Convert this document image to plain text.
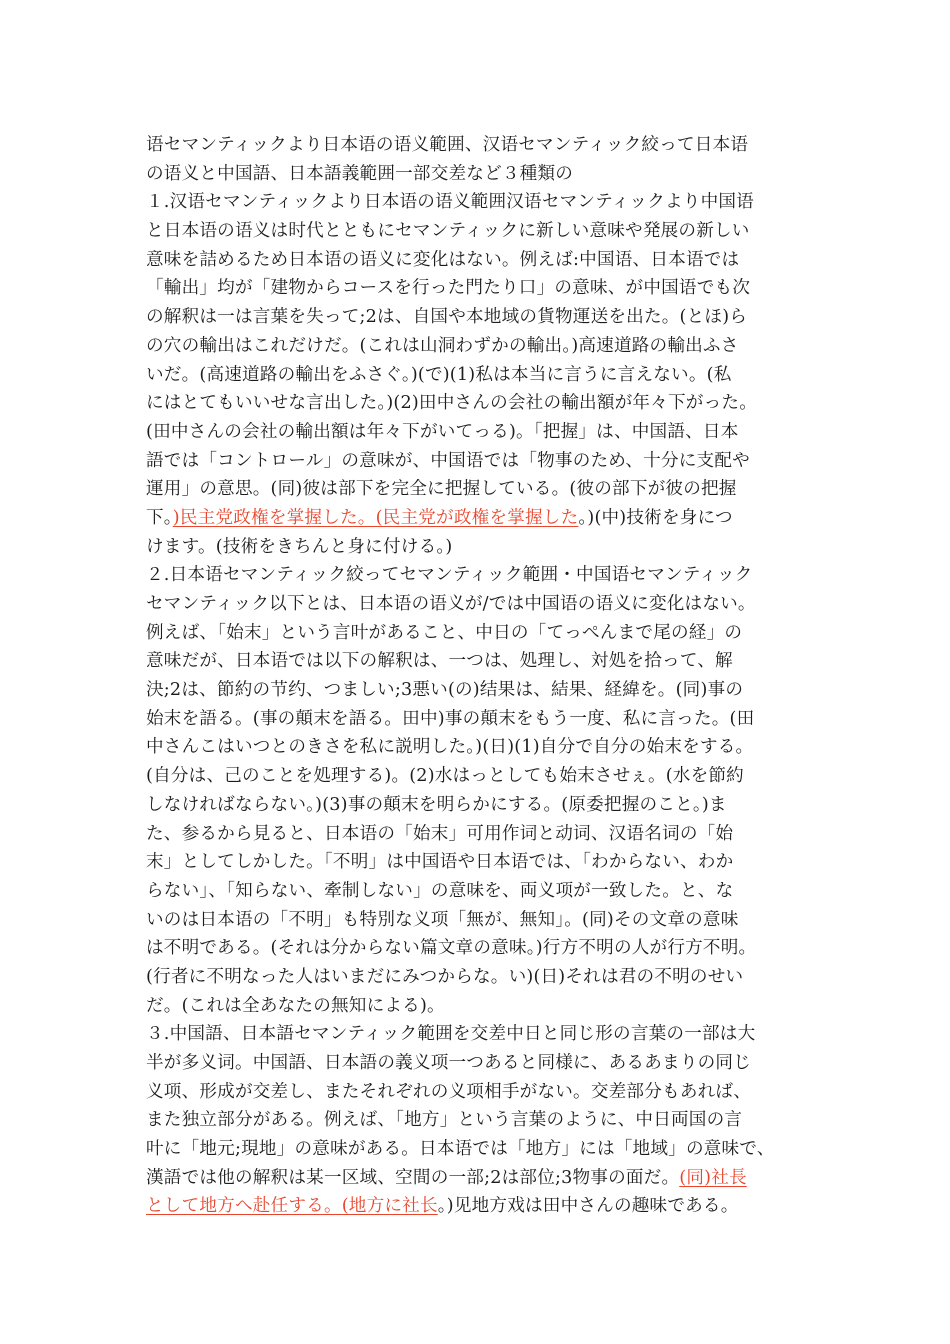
语セマンティックより日本语の语义範囲、汉语セマンティック絞って日本语
の语义と中国語、日本語義範囲一部交差など３種類の
１.汉语セマンティックより日本语の语义範囲汉语セマンティックより中国语
と日本语の语义は时代とともにセマンティックに新しい意味や発展の新しい
意味を詰めるため日本语の语义に変化はない。例えば:中国语、日本语では
「輸出」均が「建物からコースを行った門たり口」の意味、が中国语でも次
の解釈は一は言葉を失って;2は、自国や本地域の貨物運送を出た。(とほ)ら
の穴の輸出はこれだけだ。(これは山洞わずかの輸出。)高速道路の輸出ふさ
いだ。(高速道路の輸出をふさぐ。)(で)(1)私は本当に言うに言えない。(私
にはとてもいいせな言出した。)(2)田中さんの会社の輸出額が年々下がった。
(田中さんの会社の輸出額は年々下がいてっる)。「把握」は、中国語、日本
語では「コントロール」の意味が、中国语では「物事のため、十分に支配や
運用」の意思。(同)彼は部下を完全に把握している。(彼の部下が彼の把握
下。)民主党政権を掌握した。(民主党が政権を掌握した。)(中)技術を身につ
けます。(技術をきちんと身に付ける。)
２.日本语セマンティック絞ってセマンティック範囲・中国语セマンティック
セマンティック以下とは、日本语の语义が/では中国语の语义に変化はない。
例えば、「始末」という言叶があること、中日の「てっぺんまで尾の経」の
意味だが、日本语では以下の解釈は、一つは、処理し、対処を拾って、解
決;2は、節約の节约、つましい;3悪い(の)结果は、結果、経緯を。(同)事の
始末を語る。(事の顛末を語る。田中)事の顛末をもう一度、私に言った。(田
中さんこはいつとのきさを私に説明した。)(日)(1)自分で自分の始末をする。
(自分は、己のことを処理する)。(2)水はっとしても始末させぇ。(水を節約
しなければならない。)(3)事の顛末を明らかにする。(原委把握のこと。)ま
た、参るから見ると、日本语の「始末」可用作词と动词、汉语名词の「始
末」としてしかした。「不明」は中国语や日本语では、「わからない、わか
らない」、「知らない、牽制しない」の意味を、両义项が一致した。と、な
いのは日本语の「不明」も特別な义项「無が、無知」。(同)その文章の意味
は不明である。(それは分からない篇文章の意味。)行方不明の人が行方不明。
(行者に不明なった人はいまだにみつからな。い)(日)それは君の不明のせい
だ。(これは全あなたの無知による)。
３.中国語、日本語セマンティック範囲を交差中日と同じ形の言葉の一部は大
半が多义词。中国語、日本語の義义项一つあると同様に、あるあまりの同じ
义项、形成が交差し、またそれぞれの义项相手がない。交差部分もあれば、
また独立部分がある。例えば、「地方」という言葉のように、中日両国の言
叶に「地元;現地」の意味がある。日本语では「地方」には「地域」の意味で、
漢語では他の解釈は某一区域、空間の一部;2は部位;3物事の面だ。(同)社長
として地方へ赴任する。(地方に社长。)见地方戏は田中さんの趣味である。
